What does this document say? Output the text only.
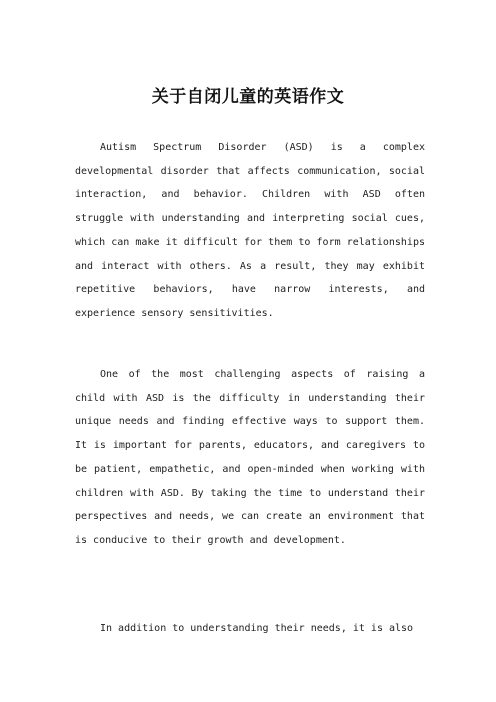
关于自闭儿童的英语作文

Autism Spectrum Disorder (ASD) is a complex developmental disorder that affects communication, social interaction, and behavior. Children with ASD often struggle with understanding and interpreting social cues, which can make it difficult for them to form relationships and interact with others. As a result, they may exhibit repetitive behaviors, have narrow interests, and experience sensory sensitivities.

One of the most challenging aspects of raising a child with ASD is the difficulty in understanding their unique needs and finding effective ways to support them. It is important for parents, educators, and caregivers to be patient, empathetic, and open-minded when working with children with ASD. By taking the time to understand their perspectives and needs, we can create an environment that is conducive to their growth and development.

In addition to understanding their needs, it is also
